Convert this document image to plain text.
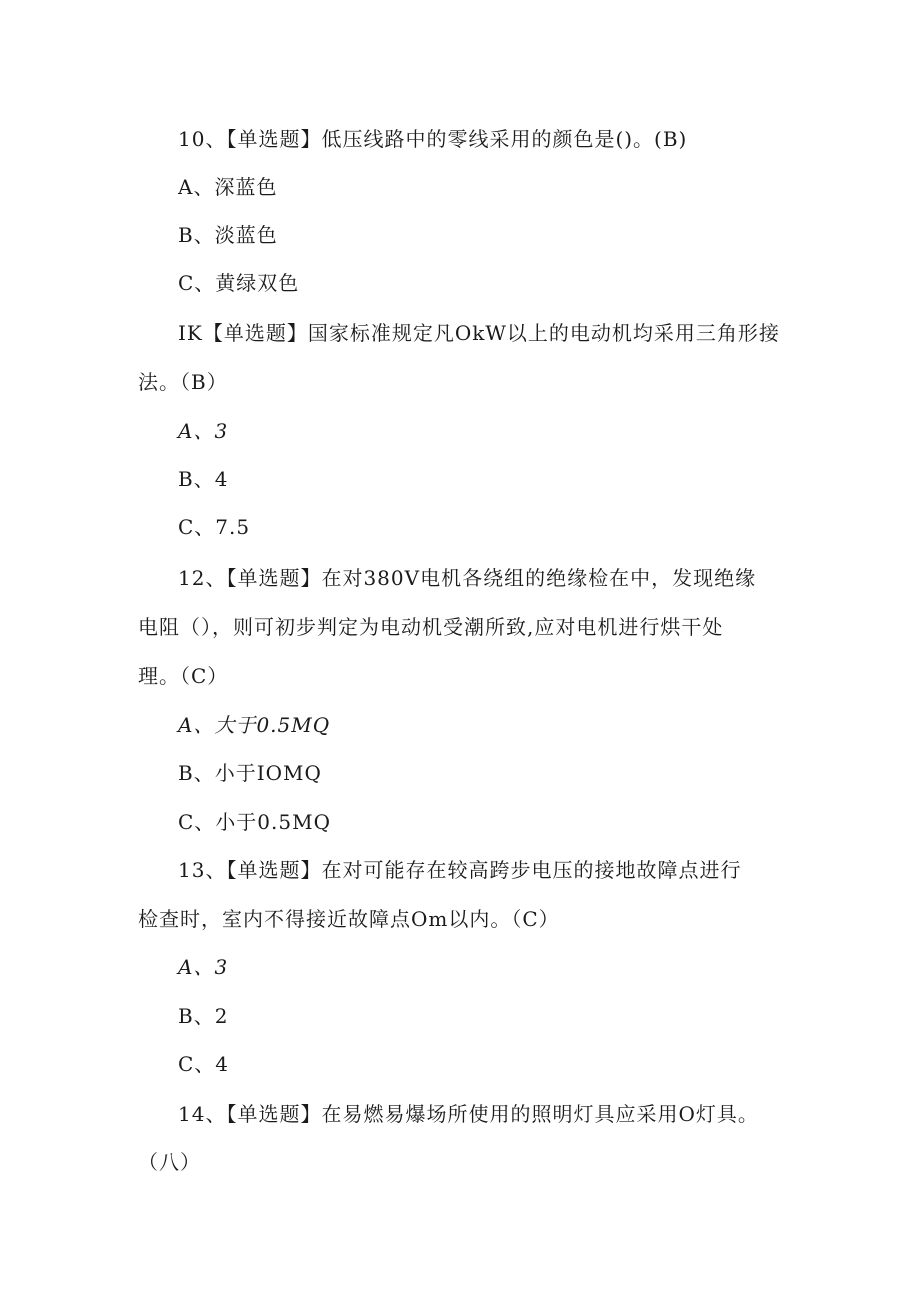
10、【单选题】低压线路中的零线采用的颜色是()。(B)
A、深蓝色
B、淡蓝色
C、黄绿双色
IK【单选题】国家标准规定凡OkW以上的电动机均采用三角形接
法。（B）
A、3
B、4
C、7.5
12、【单选题】在对380V电机各绕组的绝缘检在中，发现绝缘
电阻（），则可初步判定为电动机受潮所致,应对电机进行烘干处
理。（C）
A、大于0.5MQ
B、小于IOMQ
C、小于0.5MQ
13、【单选题】在对可能存在较高跨步电压的接地故障点进行
检查时，室内不得接近故障点Om以内。（C）
A、3
B、2
C、4
14、【单选题】在易燃易爆场所使用的照明灯具应采用O灯具。
（八）
